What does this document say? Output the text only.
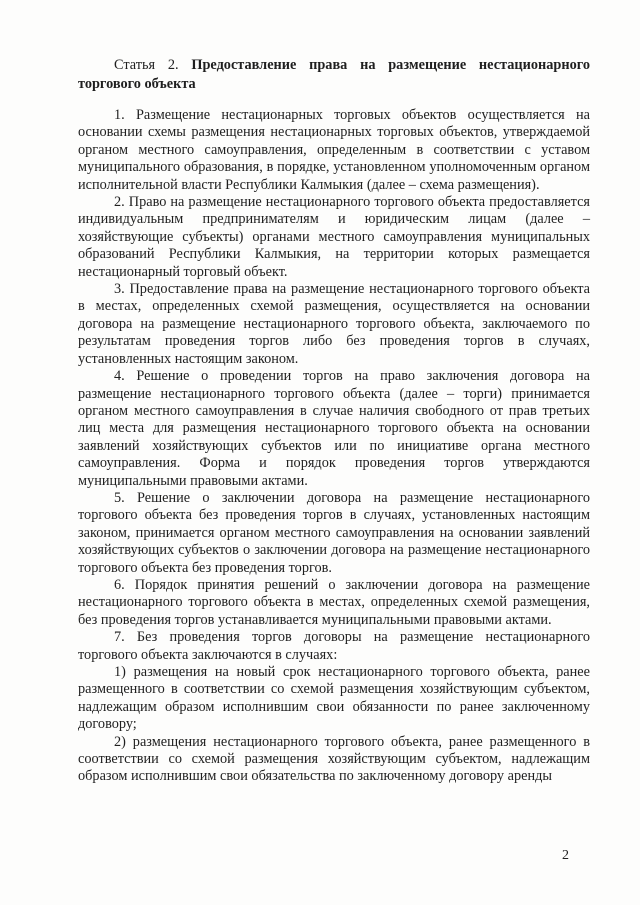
Статья 2. Предоставление права на размещение нестационарного торгового объекта

1. Размещение нестационарных торговых объектов осуществляется на основании схемы размещения нестационарных торговых объектов, утверждаемой органом местного самоуправления, определенным в соответствии с уставом муниципального образования, в порядке, установленном уполномоченным органом исполнительной власти Республики Калмыкия (далее – схема размещения).

2. Право на размещение нестационарного торгового объекта предоставляется индивидуальным предпринимателям и юридическим лицам (далее – хозяйствующие субъекты) органами местного самоуправления муниципальных образований Республики Калмыкия, на территории которых размещается нестационарный торговый объект.

3. Предоставление права на размещение нестационарного торгового объекта в местах, определенных схемой размещения, осуществляется на основании договора на размещение нестационарного торгового объекта, заключаемого по результатам проведения торгов либо без проведения торгов в случаях, установленных настоящим законом.

4. Решение о проведении торгов на право заключения договора на размещение нестационарного торгового объекта (далее – торги) принимается органом местного самоуправления в случае наличия свободного от прав третьих лиц места для размещения нестационарного торгового объекта на основании заявлений хозяйствующих субъектов или по инициативе органа местного самоуправления. Форма и порядок проведения торгов утверждаются муниципальными правовыми актами.

5. Решение о заключении договора на размещение нестационарного торгового объекта без проведения торгов в случаях, установленных настоящим законом, принимается органом местного самоуправления на основании заявлений хозяйствующих субъектов о заключении договора на размещение нестационарного торгового объекта без проведения торгов.

6. Порядок принятия решений о заключении договора на размещение нестационарного торгового объекта в местах, определенных схемой размещения, без проведения торгов устанавливается муниципальными правовыми актами.

7. Без проведения торгов договоры на размещение нестационарного торгового объекта заключаются в случаях:

1) размещения на новый срок нестационарного торгового объекта, ранее размещенного в соответствии со схемой размещения хозяйствующим субъектом, надлежащим образом исполнившим свои обязанности по ранее заключенному договору;

2) размещения нестационарного торгового объекта, ранее размещенного в соответствии со схемой размещения хозяйствующим субъектом, надлежащим образом исполнившим свои обязательства по заключенному договору аренды

2
